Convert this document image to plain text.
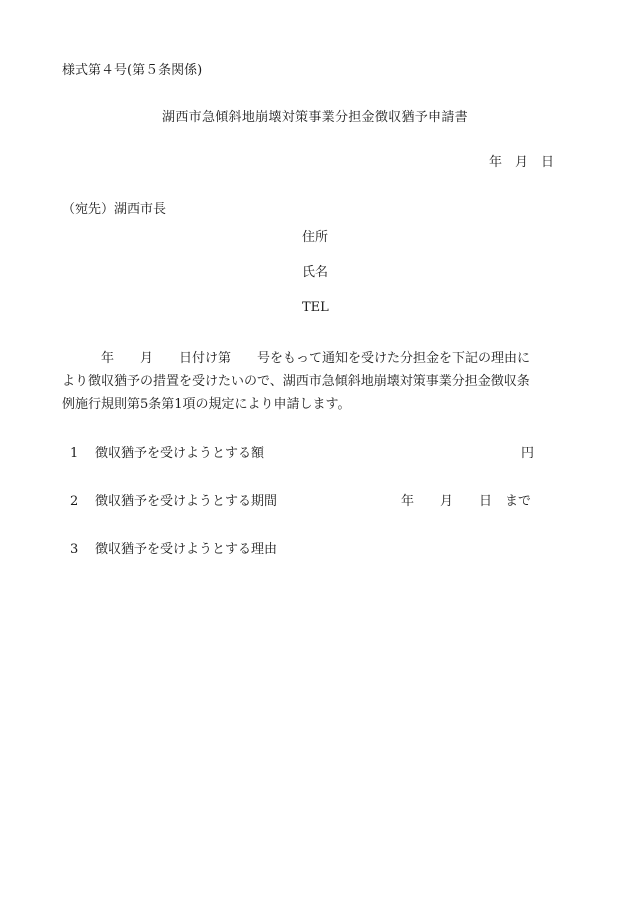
様式第４号(第５条関係)
湖西市急傾斜地崩壊対策事業分担金徴収猶予申請書
年　月　日
（宛先）湖西市長
住所
氏名
TEL
　　　年　　月　　日付け第　　号をもって通知を受けた分担金を下記の理由に
より徴収猶予の措置を受けたいので、湖西市急傾斜地崩壊対策事業分担金徴収条
例施行規則第5条第1項の規定により申請します。
1 徴収猶予を受けようとする額	円
2 徴収猶予を受けようとする期間	年　　月　　日　まで
3 徴収猶予を受けようとする理由
